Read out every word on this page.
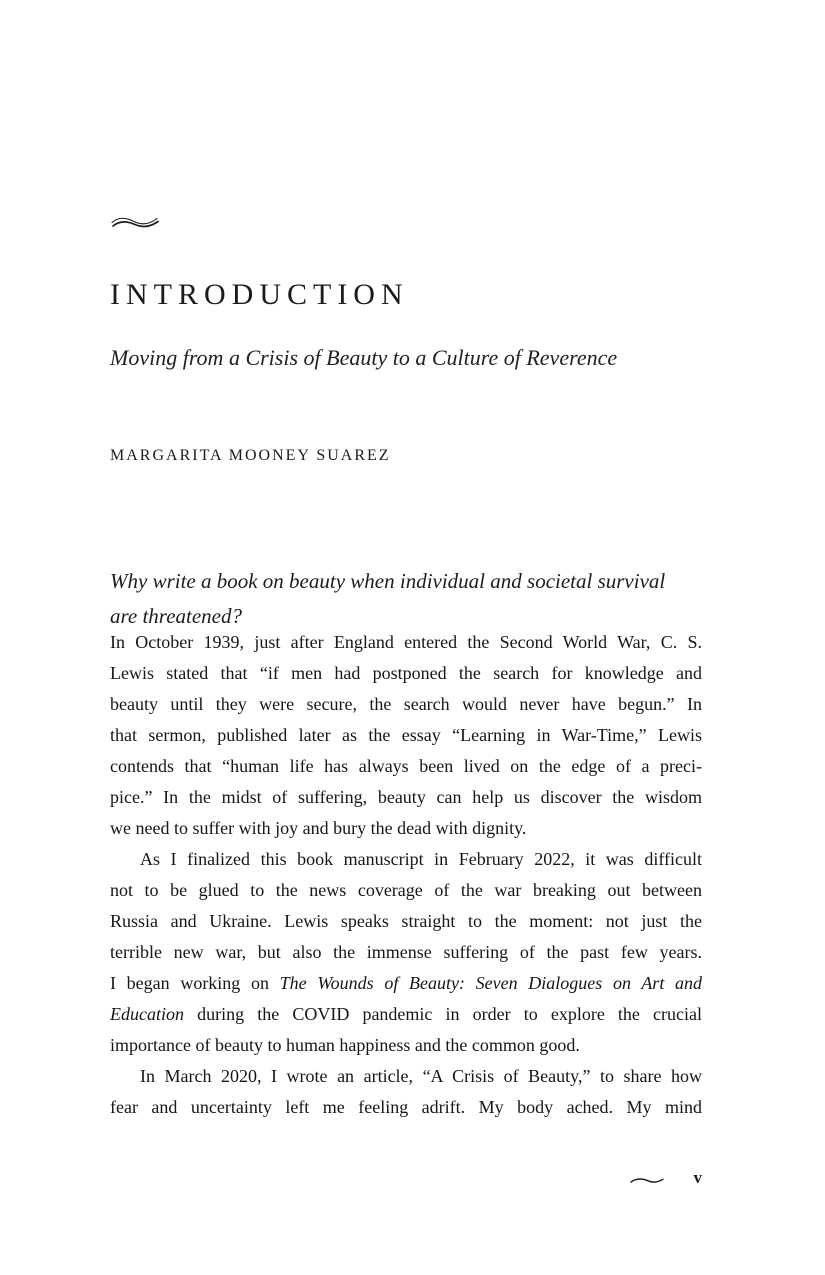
INTRODUCTION
Moving from a Crisis of Beauty to a Culture of Reverence
MARGARITA MOONEY SUAREZ
Why write a book on beauty when individual and societal survival
are threatened?
In October 1939, just after England entered the Second World War, C. S.
Lewis stated that “if men had postponed the search for knowledge and
beauty until they were secure, the search would never have begun.” In
that sermon, published later as the essay “Learning in War-Time,” Lewis
contends that “human life has always been lived on the edge of a preci-
pice.” In the midst of suffering, beauty can help us discover the wisdom
we need to suffer with joy and bury the dead with dignity.
As I finalized this book manuscript in February 2022, it was difficult
not to be glued to the news coverage of the war breaking out between
Russia and Ukraine. Lewis speaks straight to the moment: not just the
terrible new war, but also the immense suffering of the past few years.
I began working on The Wounds of Beauty: Seven Dialogues on Art and
Education during the COVID pandemic in order to explore the crucial
importance of beauty to human happiness and the common good.
In March 2020, I wrote an article, “A Crisis of Beauty,” to share how
fear and uncertainty left me feeling adrift. My body ached. My mind
v
